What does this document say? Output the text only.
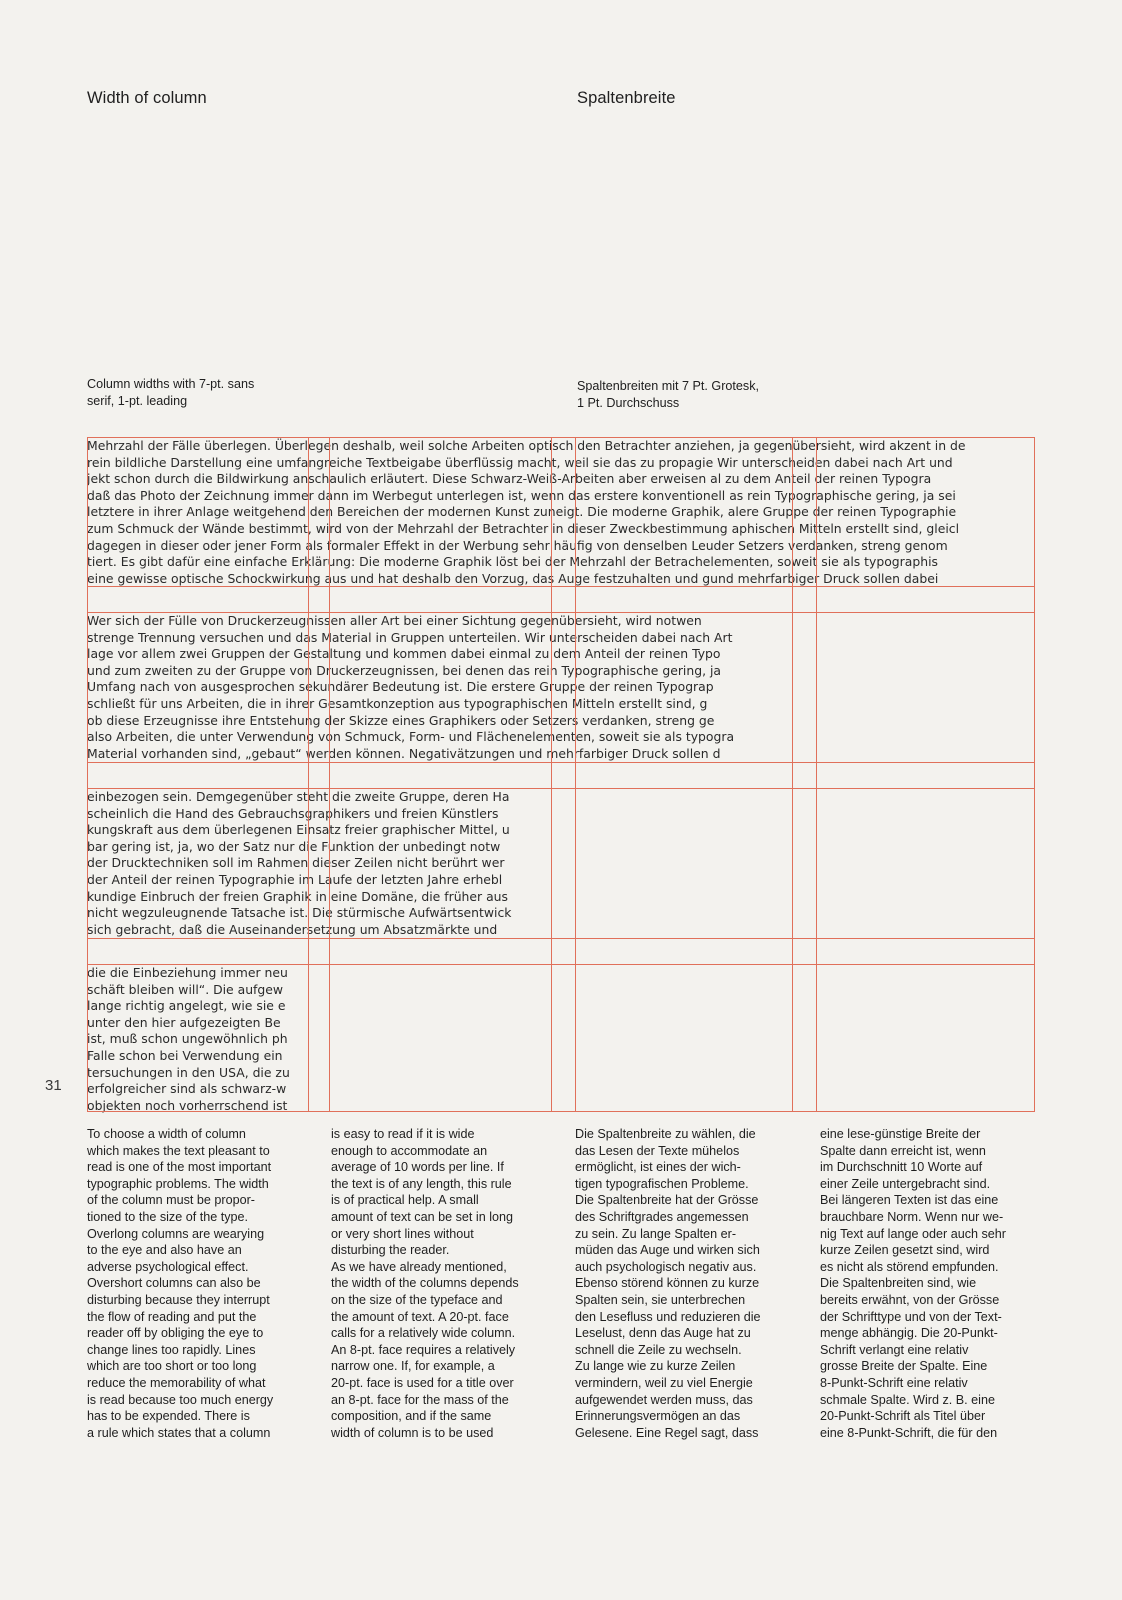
Width of column	Spaltenbreite
Column widths with 7-pt. sans
serif, 1-pt. leading
Spaltenbreiten mit 7 Pt. Grotesk,
1 Pt. Durchschuss
Mehrzahl der Fälle überlegen. Überlegen deshalb, weil solche Arbeiten optisch den Betrachter anziehen, ja gegenübersieht, wird akzent in de
rein bildliche Darstellung eine umfangreiche Textbeigabe überflüssig macht, weil sie das zu propagie Wir unterscheiden dabei nach Art und
jekt schon durch die Bildwirkung anschaulich erläutert. Diese Schwarz-Weiß-Arbeiten aber erweisen al zu dem Anteil der reinen Typogra
daß das Photo der Zeichnung immer dann im Werbegut unterlegen ist, wenn das erstere konventionell as rein Typographische gering, ja sei
letztere in ihrer Anlage weitgehend den Bereichen der modernen Kunst zuneigt. Die moderne Graphik, alere Gruppe der reinen Typographie
zum Schmuck der Wände bestimmt, wird von der Mehrzahl der Betrachter in dieser Zweckbestimmung aphischen Mitteln erstellt sind, gleicl
dagegen in dieser oder jener Form als formaler Effekt in der Werbung sehr häufig von denselben Leuder Setzers verdanken, streng genom
tiert. Es gibt dafür eine einfache Erklärung: Die moderne Graphik löst bei der Mehrzahl der Betrachelementen, soweit sie als typographis
eine gewisse optische Schockwirkung aus und hat deshalb den Vorzug, das Auge festzuhalten und gund mehrfarbiger Druck sollen dabei
Wer sich der Fülle von Druckerzeugnissen aller Art bei einer Sichtung gegenübersieht, wird notwen
strenge Trennung versuchen und das Material in Gruppen unterteilen. Wir unterscheiden dabei nach Art
lage vor allem zwei Gruppen der Gestaltung und kommen dabei einmal zu dem Anteil der reinen Typo
und zum zweiten zu der Gruppe von Druckerzeugnissen, bei denen das rein Typographische gering, ja
Umfang nach von ausgesprochen sekundärer Bedeutung ist. Die erstere Gruppe der reinen Typograp
schließt für uns Arbeiten, die in ihrer Gesamtkonzeption aus typographischen Mitteln erstellt sind, g
ob diese Erzeugnisse ihre Entstehung der Skizze eines Graphikers oder Setzers verdanken, streng ge
also Arbeiten, die unter Verwendung von Schmuck, Form- und Flächenelementen, soweit sie als typogra
Material vorhanden sind, „gebaut“ werden können. Negativätzungen und mehrfarbiger Druck sollen d
einbezogen sein. Demgegenüber steht die zweite Gruppe, deren Ha
scheinlich die Hand des Gebrauchsgraphikers und freien Künstlers
kungskraft aus dem überlegenen Einsatz freier graphischer Mittel, u
bar gering ist, ja, wo der Satz nur die Funktion der unbedingt notw
der Drucktechniken soll im Rahmen dieser Zeilen nicht berührt wer
der Anteil der reinen Typographie im Laufe der letzten Jahre erhebl
kundige Einbruch der freien Graphik in eine Domäne, die früher aus
nicht wegzuleugnende Tatsache ist. Die stürmische Aufwärtsentwick
sich gebracht, daß die Auseinandersetzung um Absatzmärkte und
die die Einbeziehung immer neu
schäft bleiben will“. Die aufgew
lange richtig angelegt, wie sie e
unter den hier aufgezeigten Be
ist, muß schon ungewöhnlich ph
Falle schon bei Verwendung ein
tersuchungen in den USA, die zu
erfolgreicher sind als schwarz-w
objekten noch vorherrschend ist
31
To choose a width of column
which makes the text pleasant to
read is one of the most important
typographic problems. The width
of the column must be propor-
tioned to the size of the type.
Overlong columns are wearying
to the eye and also have an
adverse psychological effect.
Overshort columns can also be
disturbing because they interrupt
the flow of reading and put the
reader off by obliging the eye to
change lines too rapidly. Lines
which are too short or too long
reduce the memorability of what
is read because too much energy
has to be expended. There is
a rule which states that a column
is easy to read if it is wide
enough to accommodate an
average of 10 words per line. If
the text is of any length, this rule
is of practical help. A small
amount of text can be set in long
or very short lines without
disturbing the reader.
As we have already mentioned,
the width of the columns depends
on the size of the typeface and
the amount of text. A 20-pt. face
calls for a relatively wide column.
An 8-pt. face requires a relatively
narrow one. If, for example, a
20-pt. face is used for a title over
an 8-pt. face for the mass of the
composition, and if the same
width of column is to be used
Die Spaltenbreite zu wählen, die
das Lesen der Texte mühelos
ermöglicht, ist eines der wich-
tigen typografischen Probleme.
Die Spaltenbreite hat der Grösse
des Schriftgrades angemessen
zu sein. Zu lange Spalten er-
müden das Auge und wirken sich
auch psychologisch negativ aus.
Ebenso störend können zu kurze
Spalten sein, sie unterbrechen
den Lesefluss und reduzieren die
Leselust, denn das Auge hat zu
schnell die Zeile zu wechseln.
Zu lange wie zu kurze Zeilen
vermindern, weil zu viel Energie
aufgewendet werden muss, das
Erinnerungsvermögen an das
Gelesene. Eine Regel sagt, dass
eine lese-günstige Breite der
Spalte dann erreicht ist, wenn
im Durchschnitt 10 Worte auf
einer Zeile untergebracht sind.
Bei längeren Texten ist das eine
brauchbare Norm. Wenn nur we-
nig Text auf lange oder auch sehr
kurze Zeilen gesetzt sind, wird
es nicht als störend empfunden.
Die Spaltenbreiten sind, wie
bereits erwähnt, von der Grösse
der Schrifttype und von der Text-
menge abhängig. Die 20-Punkt-
Schrift verlangt eine relativ
grosse Breite der Spalte. Eine
8-Punkt-Schrift eine relativ
schmale Spalte. Wird z. B. eine
20-Punkt-Schrift als Titel über
eine 8-Punkt-Schrift, die für den
